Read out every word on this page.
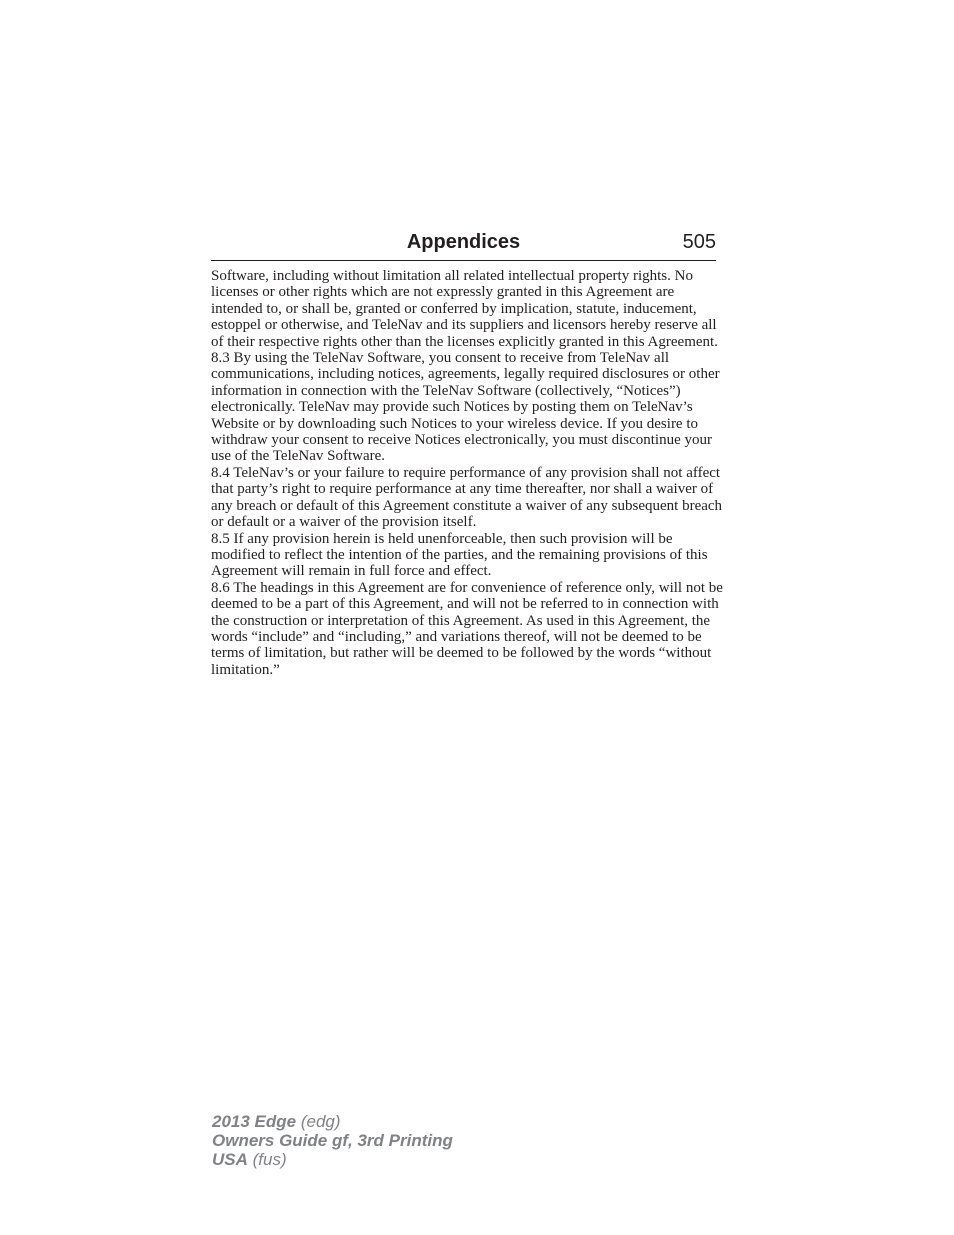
Appendices	505

Software, including without limitation all related intellectual property rights. No licenses or other rights which are not expressly granted in this Agreement are intended to, or shall be, granted or conferred by implication, statute, inducement, estoppel or otherwise, and TeleNav and its suppliers and licensors hereby reserve all of their respective rights other than the licenses explicitly granted in this Agreement.

8.3 By using the TeleNav Software, you consent to receive from TeleNav all communications, including notices, agreements, legally required disclosures or other information in connection with the TeleNav Software (collectively, “Notices”) electronically. TeleNav may provide such Notices by posting them on TeleNav’s Website or by downloading such Notices to your wireless device. If you desire to withdraw your consent to receive Notices electronically, you must discontinue your use of the TeleNav Software.

8.4 TeleNav’s or your failure to require performance of any provision shall not affect that party’s right to require performance at any time thereafter, nor shall a waiver of any breach or default of this Agreement constitute a waiver of any subsequent breach or default or a waiver of the provision itself.

8.5 If any provision herein is held unenforceable, then such provision will be modified to reflect the intention of the parties, and the remaining provisions of this Agreement will remain in full force and effect.

8.6 The headings in this Agreement are for convenience of reference only, will not be deemed to be a part of this Agreement, and will not be referred to in connection with the construction or interpretation of this Agreement. As used in this Agreement, the words “include” and “including,” and variations thereof, will not be deemed to be terms of limitation, but rather will be deemed to be followed by the words “without limitation.”

2013 Edge (edg)
Owners Guide gf, 3rd Printing
USA (fus)
